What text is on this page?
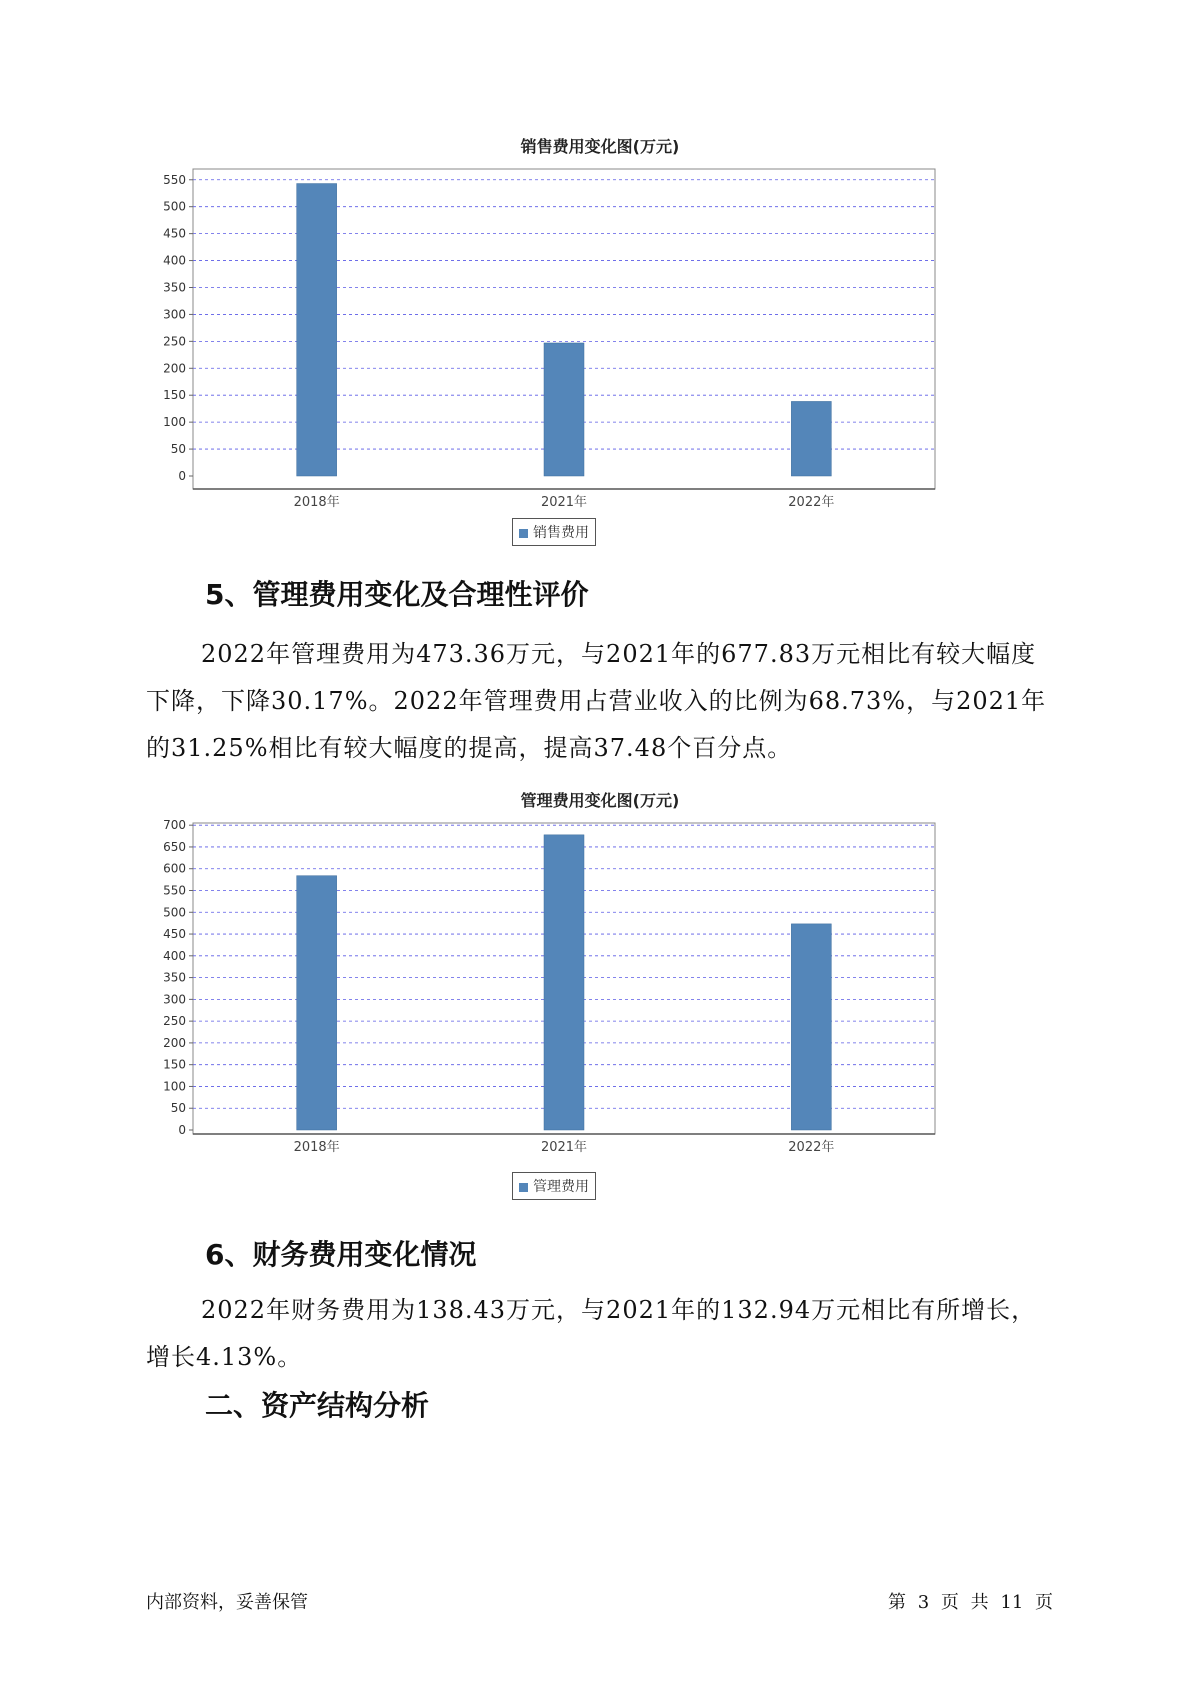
销售费用变化图(万元)
0
50
100
150
200
250
300
350
400
450
500
550
2018年	2021年	2022年
销售费用
5、管理费用变化及合理性评价
2022年管理费用为473.36万元，与2021年的677.83万元相比有较大幅度下降，下降30.17%。2022年管理费用占营业收入的比例为68.73%，与2021年的31.25%相比有较大幅度的提高，提高37.48个百分点。
管理费用变化图(万元)
0
50
100
150
200
250
300
350
400
450
500
550
600
650
700
2018年	2021年	2022年
管理费用
6、财务费用变化情况
2022年财务费用为138.43万元，与2021年的132.94万元相比有所增长，增长4.13%。
二、资产结构分析
内部资料，妥善保管	第 3 页 共 11 页
